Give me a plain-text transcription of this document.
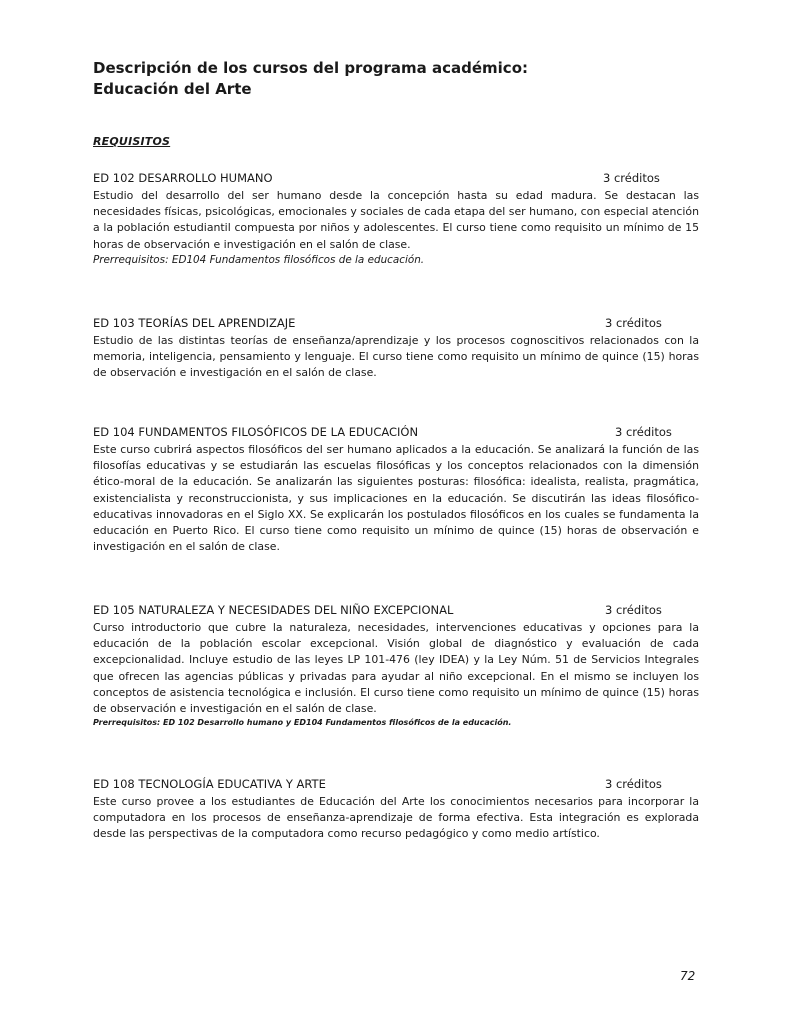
Descripción de los cursos del programa académico:
Educación del Arte

REQUISITOS

ED 102 DESARROLLO HUMANO	3 créditos

Estudio del desarrollo del ser humano desde la concepción hasta su edad madura. Se destacan las necesidades físicas, psicológicas, emocionales y sociales de cada etapa del ser humano, con especial atención a la población estudiantil compuesta por niños y adolescentes. El curso tiene como requisito un mínimo de 15 horas de observación e investigación en el salón de clase.

Prerrequisitos: ED104 Fundamentos filosóficos de la educación.

ED 103 TEORÍAS DEL APRENDIZAJE	3 créditos

Estudio de las distintas teorías de enseñanza/aprendizaje y los procesos cognoscitivos relacionados con la memoria, inteligencia, pensamiento y lenguaje. El curso tiene como requisito un mínimo de quince (15) horas de observación e investigación en el salón de clase.

ED 104 FUNDAMENTOS FILOSÓFICOS DE LA EDUCACIÓN	3 créditos

Este curso cubrirá aspectos filosóficos del ser humano aplicados a la educación. Se analizará la función de las filosofías educativas y se estudiarán las escuelas filosóficas y los conceptos relacionados con la dimensión ético-moral de la educación. Se analizarán las siguientes posturas: filosófica: idealista, realista, pragmática, existencialista y reconstruccionista, y sus implicaciones en la educación. Se discutirán las ideas filosófico-educativas innovadoras en el Siglo XX. Se explicarán los postulados filosóficos en los cuales se fundamenta la educación en Puerto Rico. El curso tiene como requisito un mínimo de quince (15) horas de observación e investigación en el salón de clase.

ED 105 NATURALEZA Y NECESIDADES DEL NIÑO EXCEPCIONAL	3 créditos

Curso introductorio que cubre la naturaleza, necesidades, intervenciones educativas y opciones para la educación de la población escolar excepcional. Visión global de diagnóstico y evaluación de cada excepcionalidad. Incluye estudio de las leyes LP 101-476 (ley IDEA) y la Ley Núm. 51 de Servicios Integrales que ofrecen las agencias públicas y privadas para ayudar al niño excepcional. En el mismo se incluyen los conceptos de asistencia tecnológica e inclusión. El curso tiene como requisito un mínimo de quince (15) horas de observación e investigación en el salón de clase.

Prerrequisitos: ED 102 Desarrollo humano y ED104 Fundamentos filosóficos de la educación.

ED 108 TECNOLOGÍA EDUCATIVA Y ARTE	3 créditos

Este curso provee a los estudiantes de Educación del Arte los conocimientos necesarios para incorporar la computadora en los procesos de enseñanza-aprendizaje de forma efectiva. Esta integración es explorada desde las perspectivas de la computadora como recurso pedagógico y como medio artístico.

72
